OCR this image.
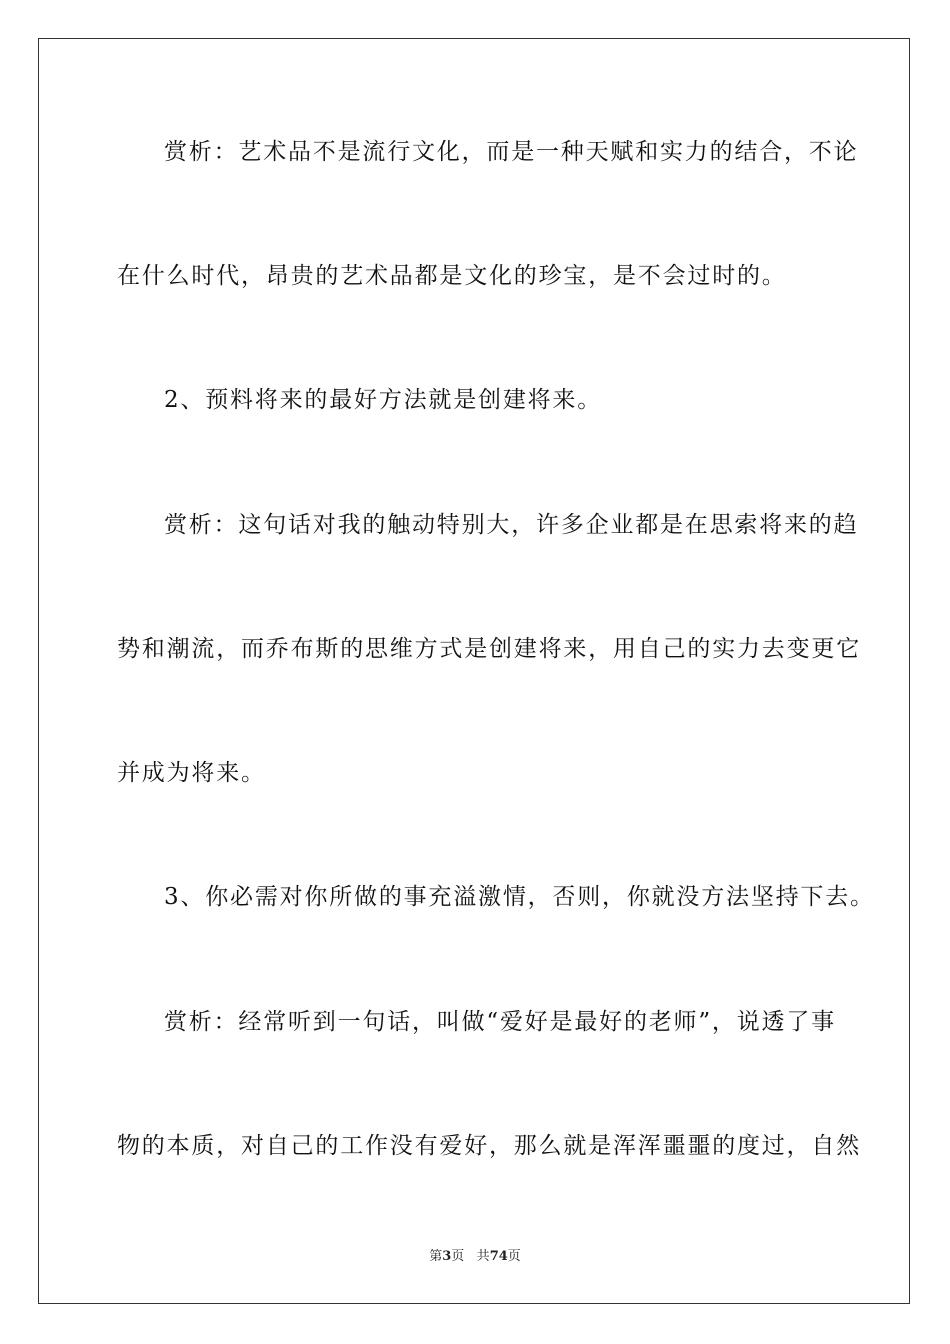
赏析：艺术品不是流行文化，而是一种天赋和实力的结合，不论
在什么时代，昂贵的艺术品都是文化的珍宝，是不会过时的。
2、预料将来的最好方法就是创建将来。
赏析：这句话对我的触动特别大，许多企业都是在思索将来的趋
势和潮流，而乔布斯的思维方式是创建将来，用自己的实力去变更它
并成为将来。
3、你必需对你所做的事充溢激情，否则，你就没方法坚持下去。
赏析：经常听到一句话，叫做“爱好是最好的老师”，说透了事
物的本质，对自己的工作没有爱好，那么就是浑浑噩噩的度过，自然
第3页 共74页
